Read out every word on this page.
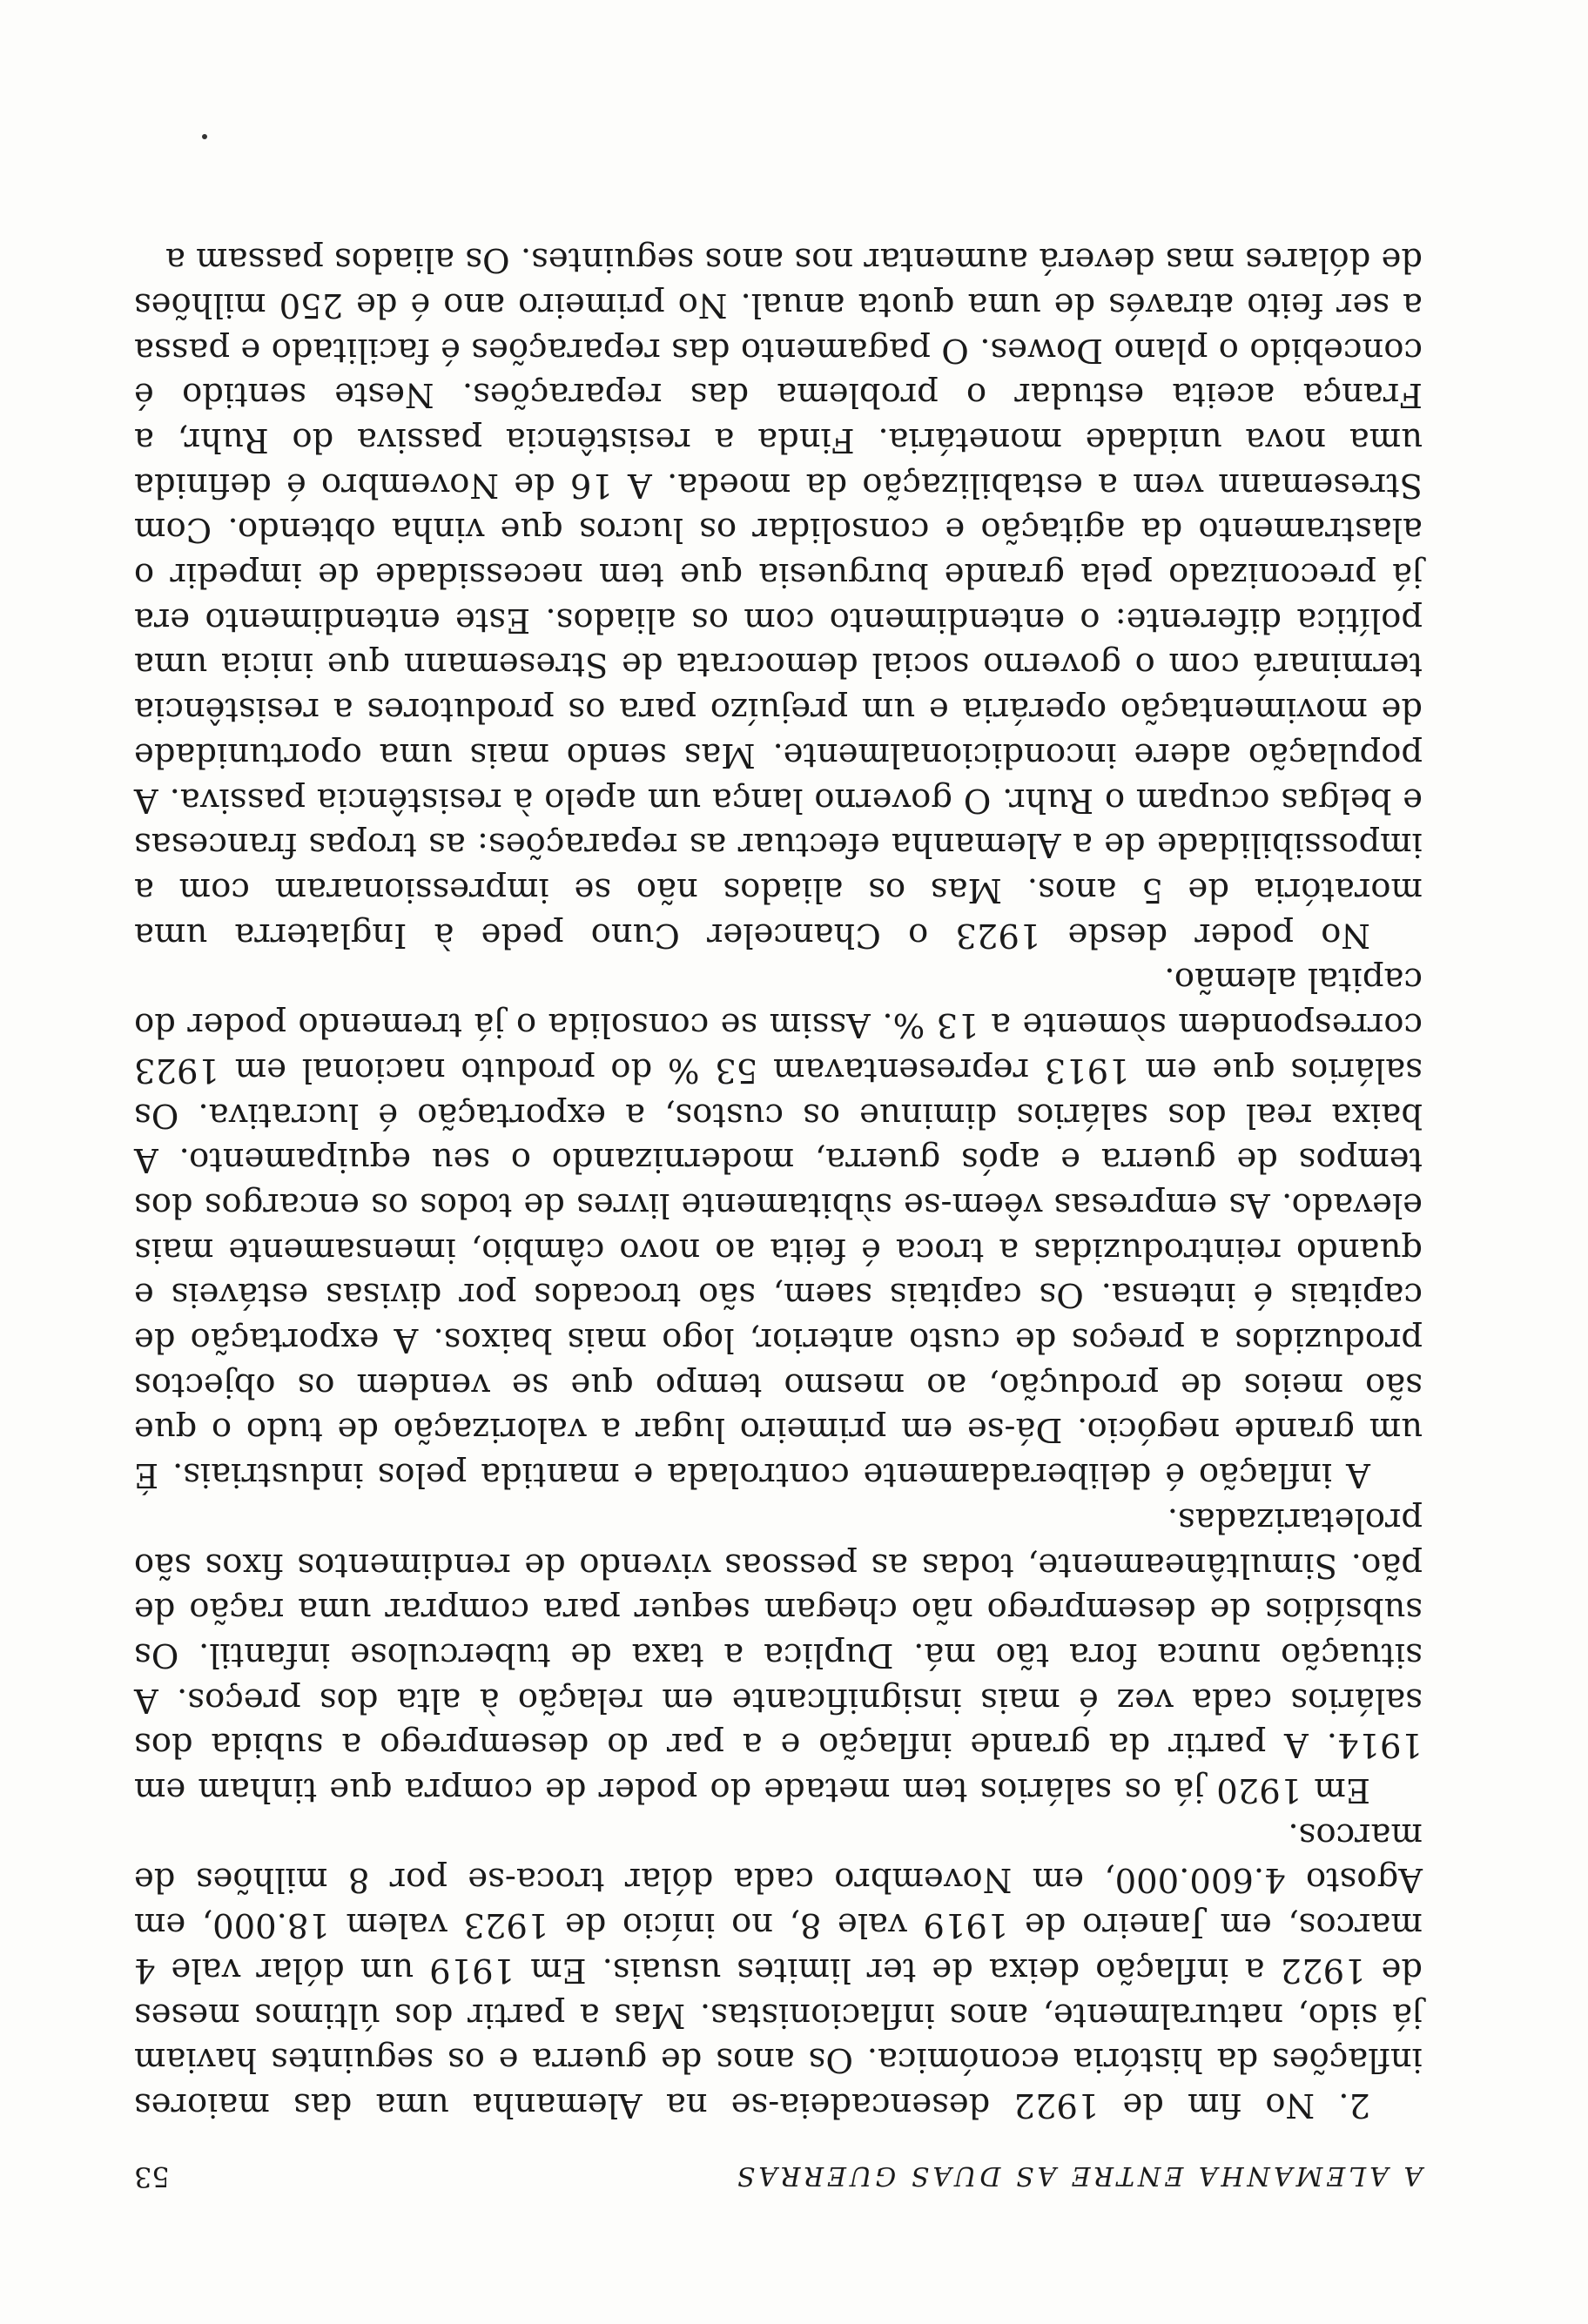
A ALEMANHA ENTRE AS DUAS GUERRAS
53

2. No fim de 1922 desencadeia-se na Alemanha uma das maiores inflações da história económica. Os anos de guerra e os seguintes haviam já sido, naturalmente, anos inflacionistas. Mas a partir dos últimos meses de 1922 a inflação deixa de ter limites usuais. Em 1919 um dólar vale 4 marcos, em Janeiro de 1919 vale 8, no início de 1923 valem 18.000, em Agosto 4.600.000, em Novembro cada dólar troca-se por 8 milhões de marcos.

Em 1920 já os salários tem metade do poder de compra que tinham em 1914. A partir da grande inflação e a par do desemprego a subida dos salários cada vez é mais insignificante em relação à alta dos preços. A situação nunca fora tão má. Duplica a taxa de tuberculose infantil. Os subsídios de desemprego não chegam sequer para comprar uma ração de pão. Simultâneamente, todas as pessoas vivendo de rendimentos fixos são proletarizadas.

A inflação é deliberadamente controlada e mantida pelos industriais. É um grande negócio. Dá-se em primeiro lugar a valorização de tudo o que são meios de produção, ao mesmo tempo que se vendem os objectos produzidos a preços de custo anterior, logo mais baixos. A exportação de capitais é intensa. Os capitais saem, são trocados por divisas estáveis e quando reintroduzidas a troca é feita ao novo câmbio, imensamente mais elevado. As empresas vêem-se sùbitamente livres de todos os encargos dos tempos de guerra e após guerra, modernizando o seu equipamento. A baixa real dos salários diminue os custos, a exportação é lucrativa. Os salários que em 1913 representavam 53 % do produto nacional em 1923 correspondem sòmente a 13 %. Assim se consolida o já tremendo poder do capital alemão.

No poder desde 1923 o Chanceler Cuno pede à Inglaterra uma moratória de 5 anos. Mas os aliados não se impressionaram com a impossibilidade de a Alemanha efectuar as reparações: as tropas francesas e belgas ocupam o Ruhr. O governo lança um apelo à resistência passiva. A população adere incondicionalmente. Mas sendo mais uma oportunidade de movimentação operária e um prejuízo para os produtores a resistência terminará com o governo social democrata de Stresemann que inicia uma política diferente: o entendimento com os aliados. Este entendimento era já preconizado pela grande burguesia que tem necessidade de impedir o alastramento da agitação e consolidar os lucros que vinha obtendo. Com Stresemann vem a estabilização da moeda. A 16 de Novembro é definida uma nova unidade monetária. Finda a resistência passiva do Ruhr, a França aceita estudar o problema das reparações. Neste sentido é concebido o plano Dowes. O pagamento das reparações é facilitado e passa a ser feito através de uma quota anual. No primeiro ano é de 250 milhões de dólares mas deverá aumentar nos anos seguintes. Os aliados passam a
